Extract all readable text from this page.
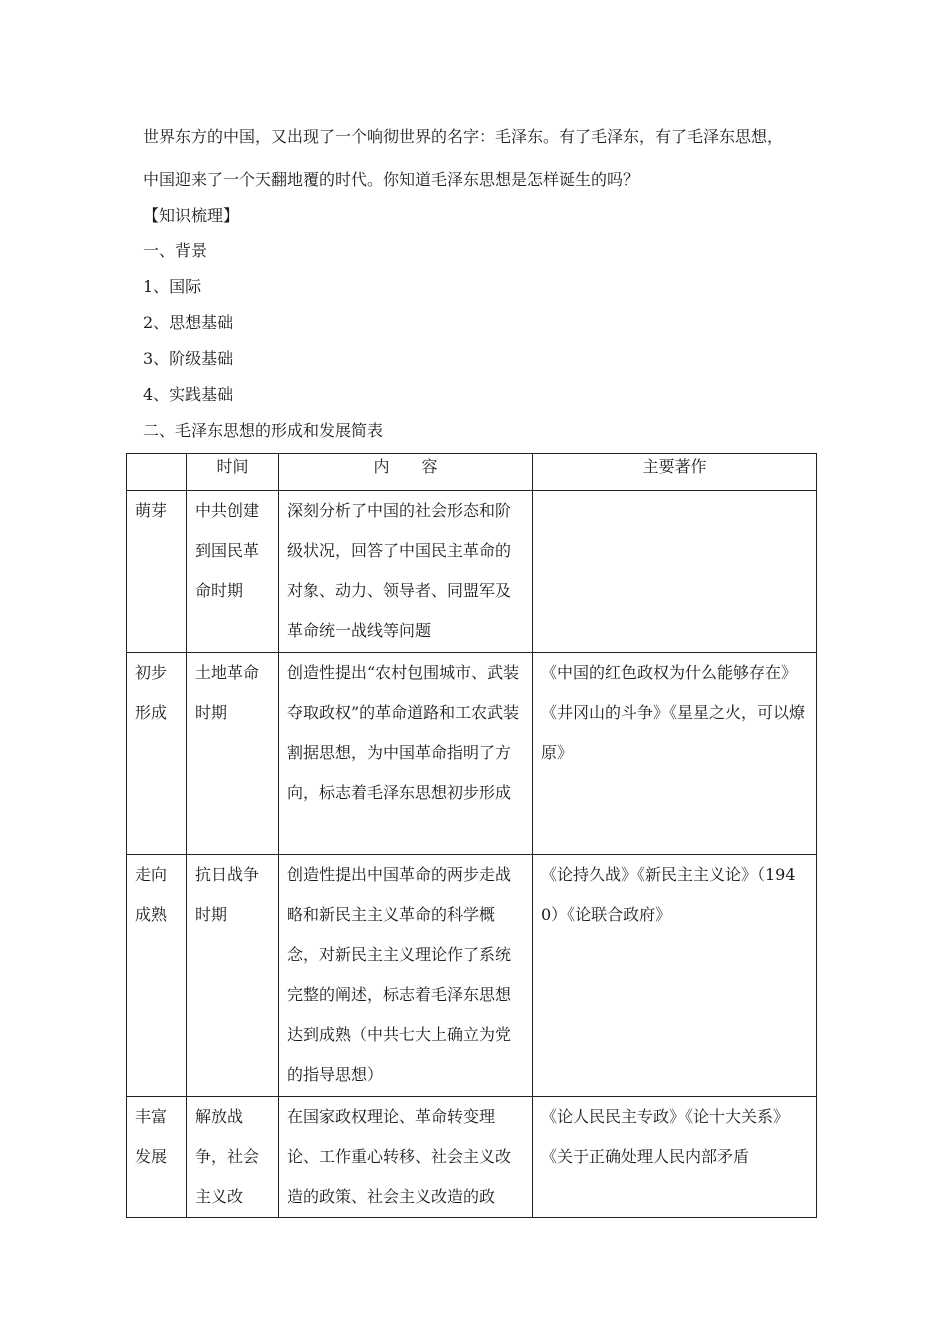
世界东方的中国，又出现了一个响彻世界的名字：毛泽东。有了毛泽东，有了毛泽东思想，
中国迎来了一个天翻地覆的时代。你知道毛泽东思想是怎样诞生的吗？
【知识梳理】
一、背景
1、国际
2、思想基础
3、阶级基础
4、实践基础
二、毛泽东思想的形成和发展简表
	时间	内　　容	主要著作

萌芽	中共创建到国民革命时期	深刻分析了中国的社会形态和阶级状况，回答了中国民主革命的对象、动力、领导者、同盟军及革命统一战线等问题	

初步形成	土地革命时期	创造性提出“农村包围城市、武装夺取政权”的革命道路和工农武装割据思想，为中国革命指明了方向，标志着毛泽东思想初步形成	《中国的红色政权为什么能够存在》《井冈山的斗争》《星星之火，可以燎原》

走向成熟	抗日战争时期	创造性提出中国革命的两步走战略和新民主主义革命的科学概念，对新民主主义理论作了系统完整的阐述，标志着毛泽东思想达到成熟（中共七大上确立为党的指导思想）	《论持久战》《新民主主义论》（1940）《论联合政府》

丰富发展	解放战争，社会主义改	在国家政权理论、革命转变理论、工作重心转移、社会主义改造的政策、社会主义改造的政	《论人民民主专政》《论十大关系》《关于正确处理人民内部矛盾
